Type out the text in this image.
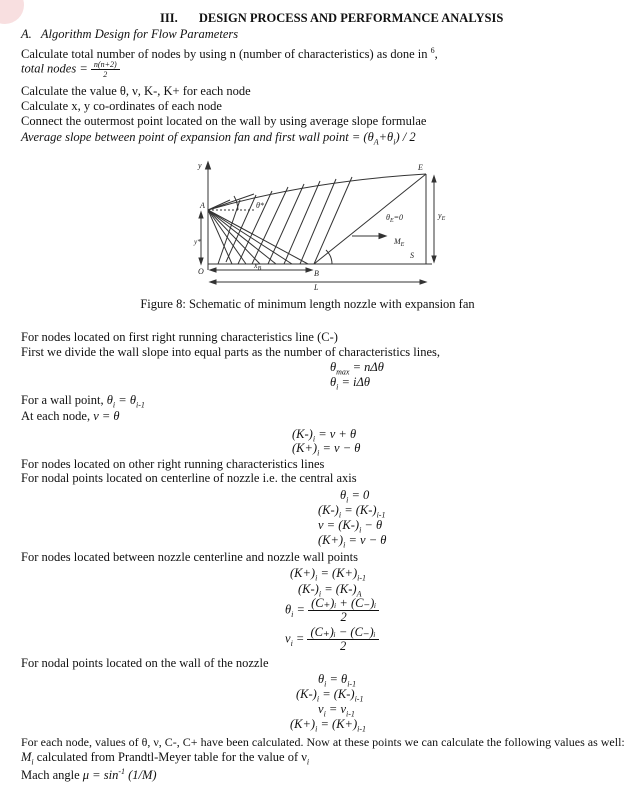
III. DESIGN PROCESS AND PERFORMANCE ANALYSIS
A. Algorithm Design for Flow Parameters
Calculate total number of nodes by using n (number of characteristics) as done in $^6$,
total nodes = $\frac{n(n+2)}{2}$
Calculate the value θ, ν, K-, K+ for each node
Calculate x, y co-ordinates of each node
Connect the outermost point located on the wall by using average slope formulae
Average slope between point of expansion fan and first wall point = $(\theta_A+\theta_i) / 2$
y
A	θ*
E
$\theta_E=0$
$M_E$
S
$y_E$
y*
O
$x_B$	B
L
Figure 8: Schematic of minimum length nozzle with expansion fan
For nodes located on first right running characteristics line (C-)
First we divide the wall slope into equal parts as the number of characteristics lines,
$\theta_{max} = n\Delta\theta$
$\theta_i = i\Delta\theta$
For a wall point, $\theta_i = \theta_{i-1}$
At each node, ν = θ
$(K-)_i = \nu + \theta$
$(K+)_i = \nu - \theta$
For nodes located on other right running characteristics lines
For nodal points located on centerline of nozzle i.e. the central axis
$\theta_i = 0$
$(K-)_i = (K-)_{i-1}$
$\nu = (K-)_i - \theta$
$(K+)_i = \nu - \theta$
For nodes located between nozzle centerline and nozzle wall points
$(K+)_i = (K+)_{i-1}$
$(K-)_i = (K-)_A$
$\theta_i = \frac{\text{(C₊)ᵢ + (C₋)ᵢ}}{2}$
$\nu_i = \frac{\text{(C₊)ᵢ − (C₋)ᵢ}}{2}$
For nodal points located on the wall of the nozzle
$\theta_i = \theta_{i-1}$
$(K-)_i = (K-)_{i-1}$
$\nu_i = \nu_{i-1}$
$(K+)_i = (K+)_{i-1}$
For each node, values of θ, ν, C-, C+ have been calculated. Now at these points we can calculate the following values as well:
$M_i$ calculated from Prandtl-Meyer table for the value of $\nu_i$
Mach angle $\mu = \sin^{-1} (1/M)$
